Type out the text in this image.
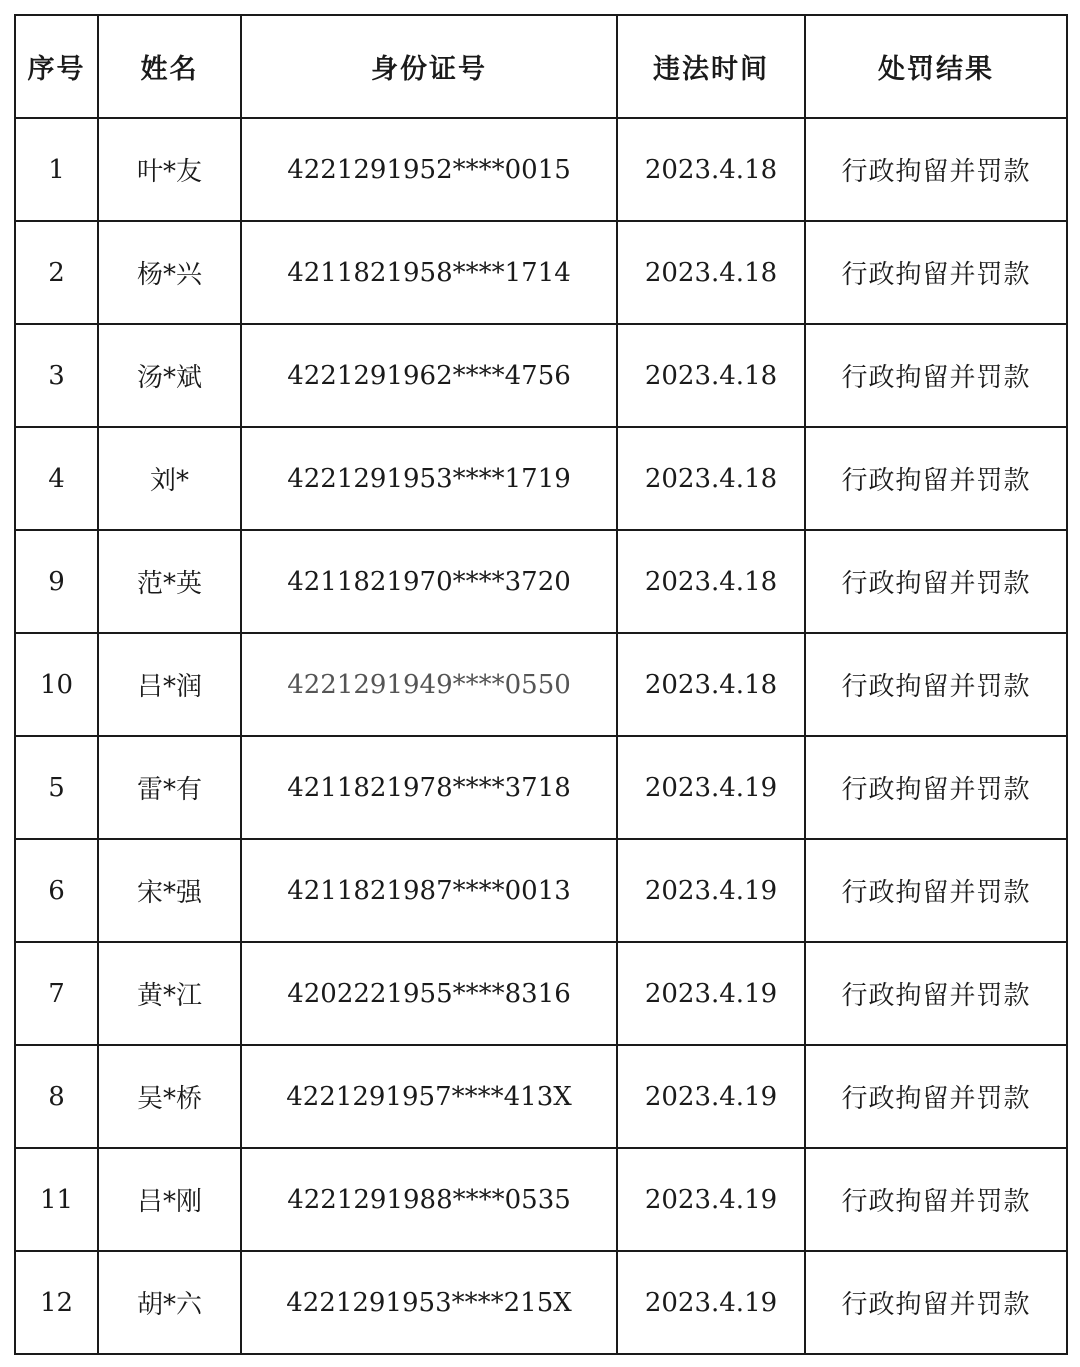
序号	姓名	身份证号	违法时间	处罚结果
1	叶*友	4221291952****0015	2023.4.18	行政拘留并罚款
2	杨*兴	4211821958****1714	2023.4.18	行政拘留并罚款
3	汤*斌	4221291962****4756	2023.4.18	行政拘留并罚款
4	刘*	4221291953****1719	2023.4.18	行政拘留并罚款
9	范*英	4211821970****3720	2023.4.18	行政拘留并罚款
10	吕*润	4221291949****0550	2023.4.18	行政拘留并罚款
5	雷*有	4211821978****3718	2023.4.19	行政拘留并罚款
6	宋*强	4211821987****0013	2023.4.19	行政拘留并罚款
7	黄*江	4202221955****8316	2023.4.19	行政拘留并罚款
8	吴*桥	4221291957****413X	2023.4.19	行政拘留并罚款
11	吕*刚	4221291988****0535	2023.4.19	行政拘留并罚款
12	胡*六	4221291953****215X	2023.4.19	行政拘留并罚款
